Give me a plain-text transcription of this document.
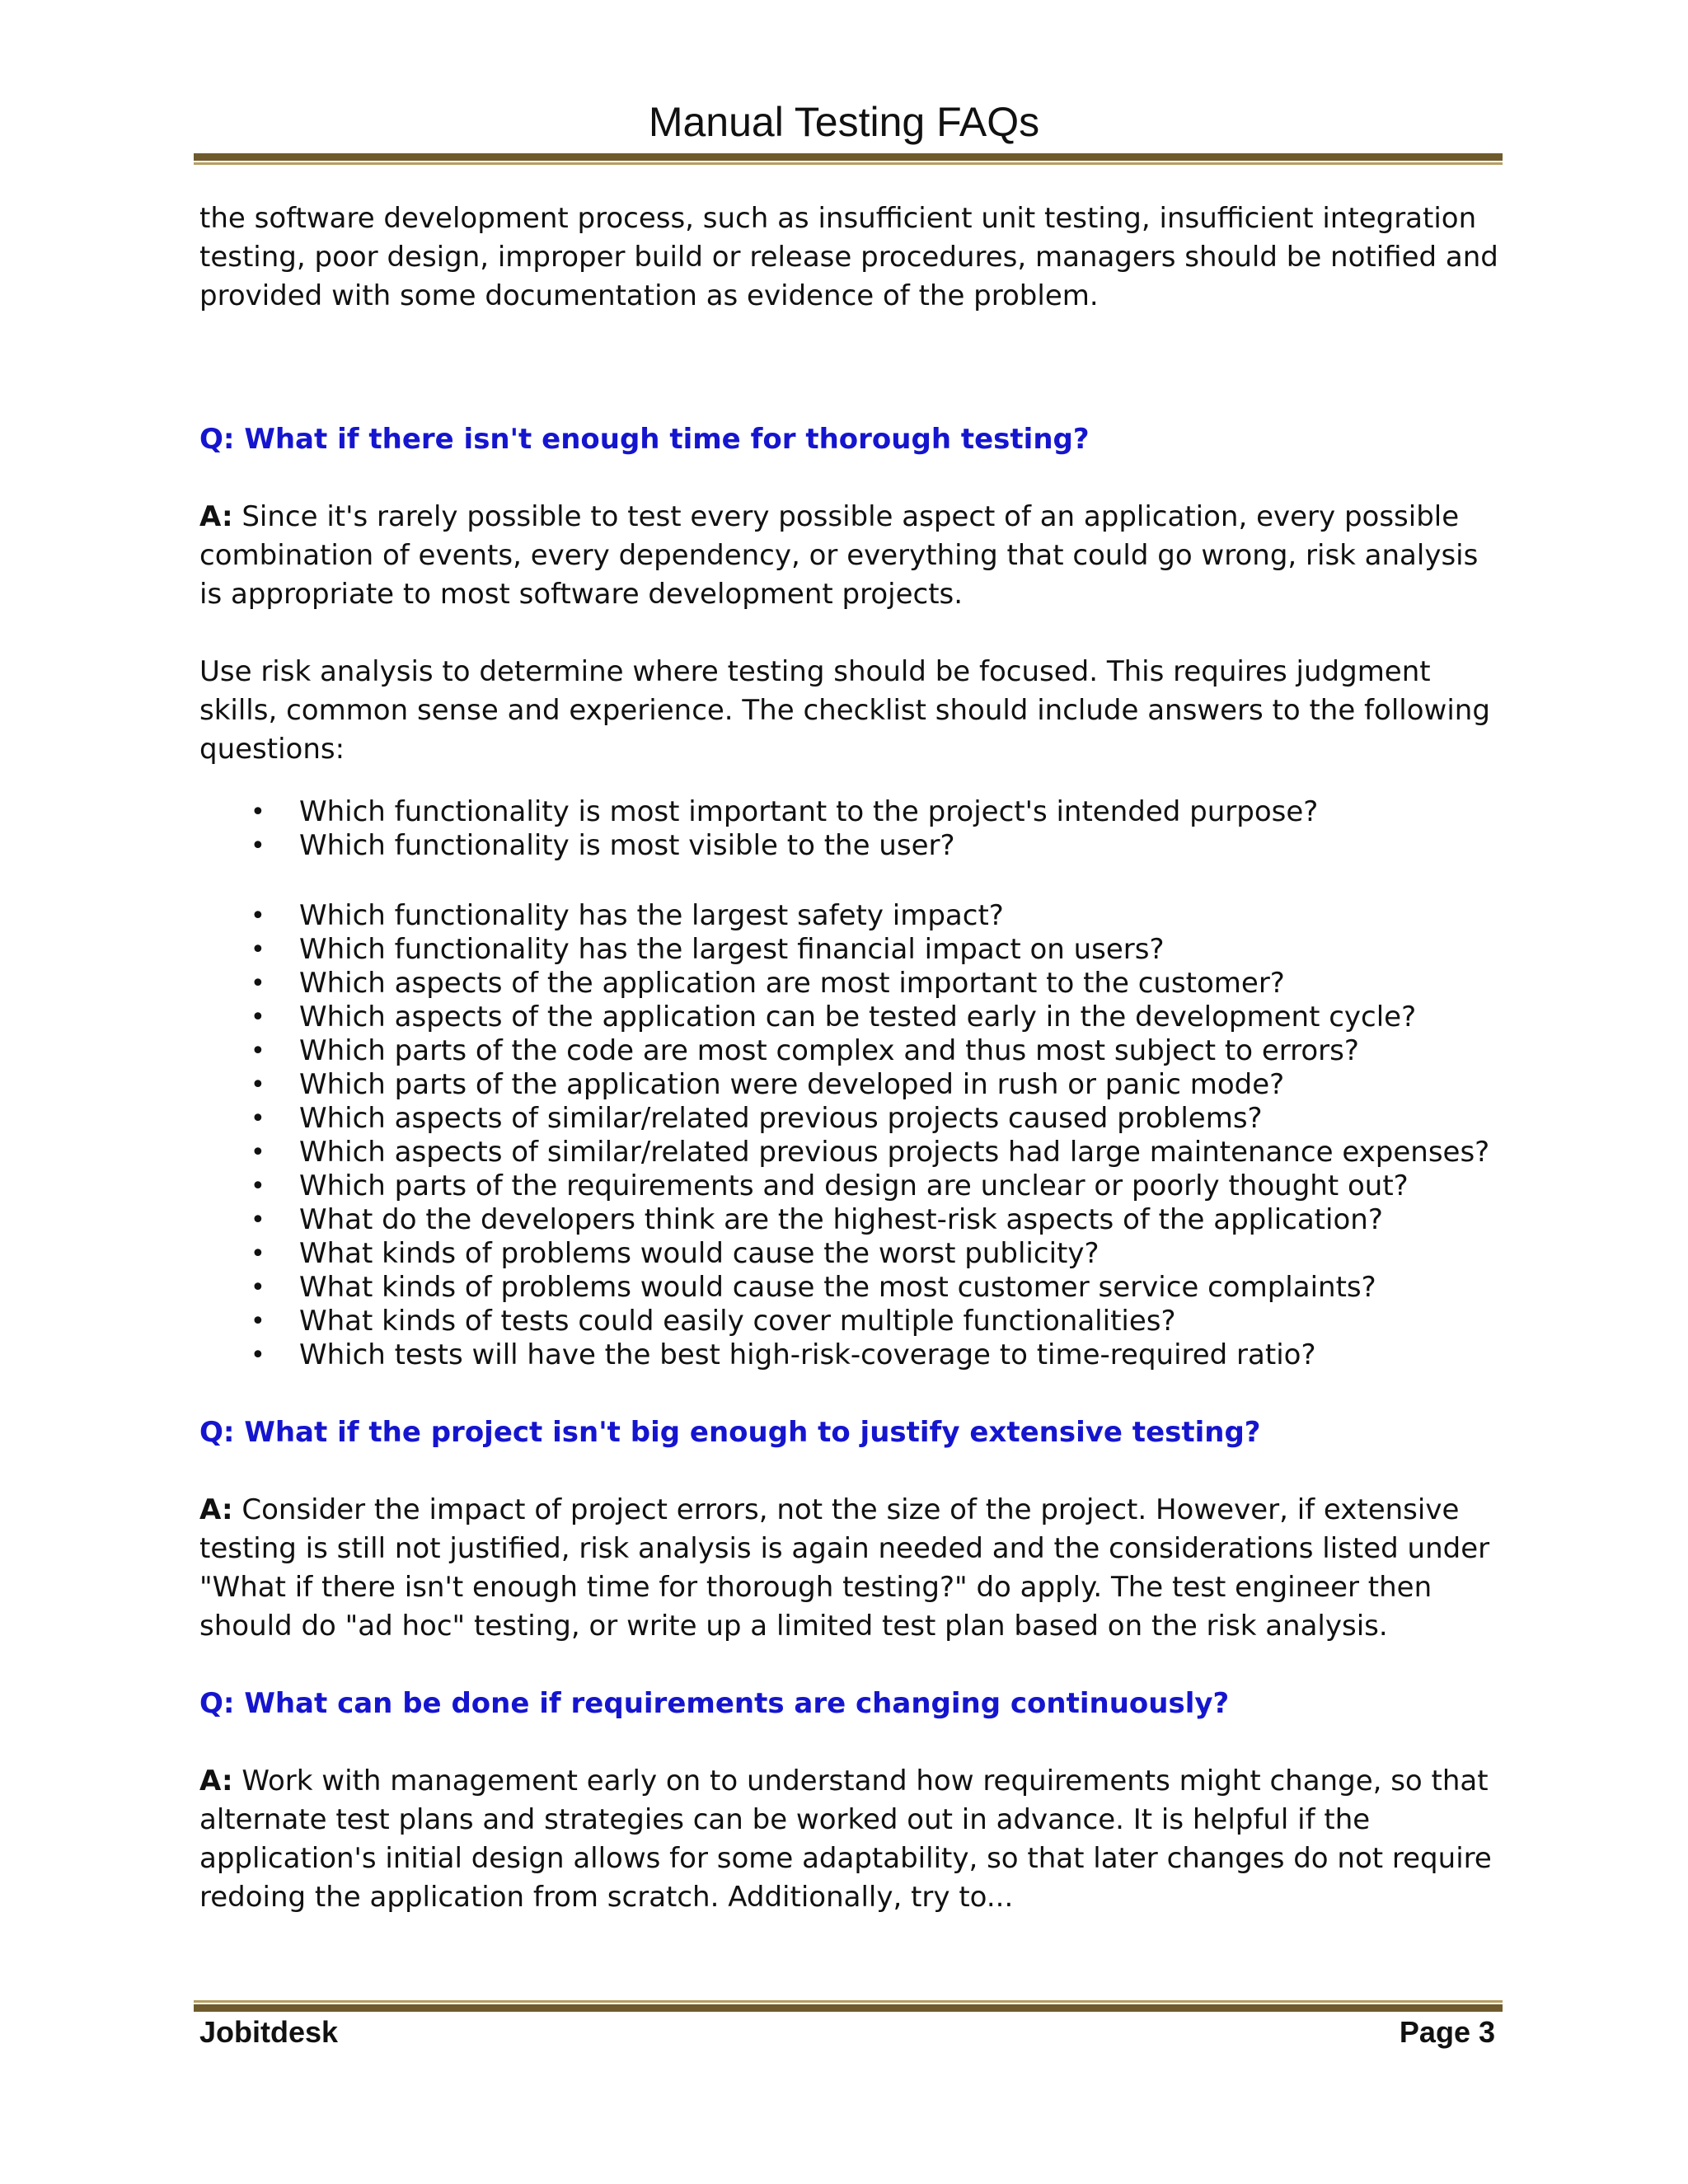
Manual Testing FAQs

the software development process, such as insufficient unit testing, insufficient integration testing, poor design, improper build or release procedures, managers should be notified and provided with some documentation as evidence of the problem.

Q: What if there isn't enough time for thorough testing?

A: Since it's rarely possible to test every possible aspect of an application, every possible combination of events, every dependency, or everything that could go wrong, risk analysis is appropriate to most software development projects.

Use risk analysis to determine where testing should be focused. This requires judgment skills, common sense and experience. The checklist should include answers to the following questions:

• Which functionality is most important to the project's intended purpose?
• Which functionality is most visible to the user?
• Which functionality has the largest safety impact?
• Which functionality has the largest financial impact on users?
• Which aspects of the application are most important to the customer?
• Which aspects of the application can be tested early in the development cycle?
• Which parts of the code are most complex and thus most subject to errors?
• Which parts of the application were developed in rush or panic mode?
• Which aspects of similar/related previous projects caused problems?
• Which aspects of similar/related previous projects had large maintenance expenses?
• Which parts of the requirements and design are unclear or poorly thought out?
• What do the developers think are the highest-risk aspects of the application?
• What kinds of problems would cause the worst publicity?
• What kinds of problems would cause the most customer service complaints?
• What kinds of tests could easily cover multiple functionalities?
• Which tests will have the best high-risk-coverage to time-required ratio?

Q: What if the project isn't big enough to justify extensive testing?

A: Consider the impact of project errors, not the size of the project. However, if extensive testing is still not justified, risk analysis is again needed and the considerations listed under "What if there isn't enough time for thorough testing?" do apply. The test engineer then should do "ad hoc" testing, or write up a limited test plan based on the risk analysis.

Q: What can be done if requirements are changing continuously?

A: Work with management early on to understand how requirements might change, so that alternate test plans and strategies can be worked out in advance. It is helpful if the application's initial design allows for some adaptability, so that later changes do not require redoing the application from scratch. Additionally, try to...

Jobitdesk	Page 3
